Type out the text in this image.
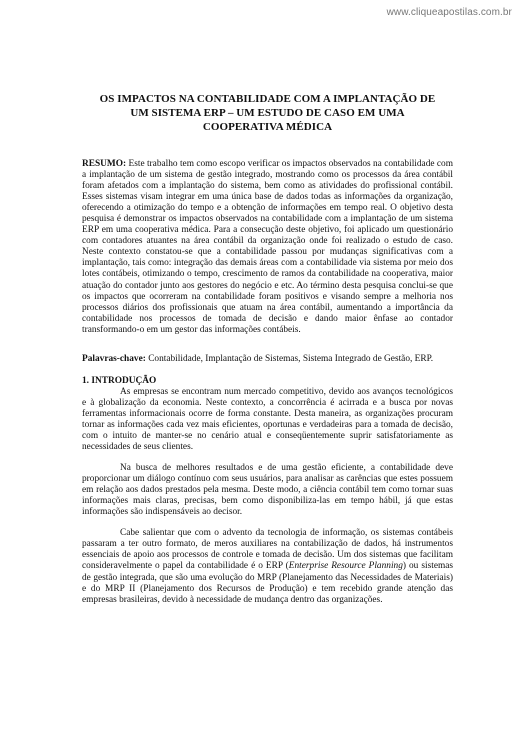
www.cliqueapostilas.com.br
OS IMPACTOS NA CONTABILIDADE COM A IMPLANTAÇÃO DE
UM SISTEMA ERP – UM ESTUDO DE CASO EM UMA
COOPERATIVA MÉDICA

RESUMO: Este trabalho tem como escopo verificar os impactos observados na contabilidade com a implantação de um sistema de gestão integrado, mostrando como os processos da área contábil foram afetados com a implantação do sistema, bem como as atividades do profissional contábil. Esses sistemas visam integrar em uma única base de dados todas as informações da organização, oferecendo a otimização do tempo e a obtenção de informações em tempo real. O objetivo desta pesquisa é demonstrar os impactos observados na contabilidade com a implantação de um sistema ERP em uma cooperativa médica. Para a consecução deste objetivo, foi aplicado um questionário com contadores atuantes na área contábil da organização onde foi realizado o estudo de caso. Neste contexto constatou-se que a contabilidade passou por mudanças significativas com a implantação, tais como: integração das demais áreas com a contabilidade via sistema por meio dos lotes contábeis, otimizando o tempo, crescimento de ramos da contabilidade na cooperativa, maior atuação do contador junto aos gestores do negócio e etc. Ao término desta pesquisa conclui-se que os impactos que ocorreram na contabilidade foram positivos e visando sempre a melhoria nos processos diários dos profissionais que atuam na área contábil, aumentando a importância da contabilidade nos processos de tomada de decisão e dando maior ênfase ao contador transformando-o em um gestor das informações contábeis.

Palavras-chave: Contabilidade, Implantação de Sistemas, Sistema Integrado de Gestão, ERP.

1. INTRODUÇÃO

As empresas se encontram num mercado competitivo, devido aos avanços tecnológicos e à globalização da economia. Neste contexto, a concorrência é acirrada e a busca por novas ferramentas informacionais ocorre de forma constante. Desta maneira, as organizações procuram tornar as informações cada vez mais eficientes, oportunas e verdadeiras para a tomada de decisão, com o intuito de manter-se no cenário atual e conseqüentemente suprir satisfatoriamente as necessidades de seus clientes.

Na busca de melhores resultados e de uma gestão eficiente, a contabilidade deve proporcionar um diálogo contínuo com seus usuários, para analisar as carências que estes possuem em relação aos dados prestados pela mesma. Deste modo, a ciência contábil tem como tornar suas informações mais claras, precisas, bem como disponibiliza-las em tempo hábil, já que estas informações são indispensáveis ao decisor.

Cabe salientar que com o advento da tecnologia de informação, os sistemas contábeis passaram a ter outro formato, de meros auxiliares na contabilização de dados, há instrumentos essenciais de apoio aos processos de controle e tomada de decisão. Um dos sistemas que facilitam consideravelmente o papel da contabilidade é o ERP (Enterprise Resource Planning) ou sistemas de gestão integrada, que são uma evolução do MRP (Planejamento das Necessidades de Materiais) e do MRP II (Planejamento dos Recursos de Produção) e tem recebido grande atenção das empresas brasileiras, devido à necessidade de mudança dentro das organizações.
